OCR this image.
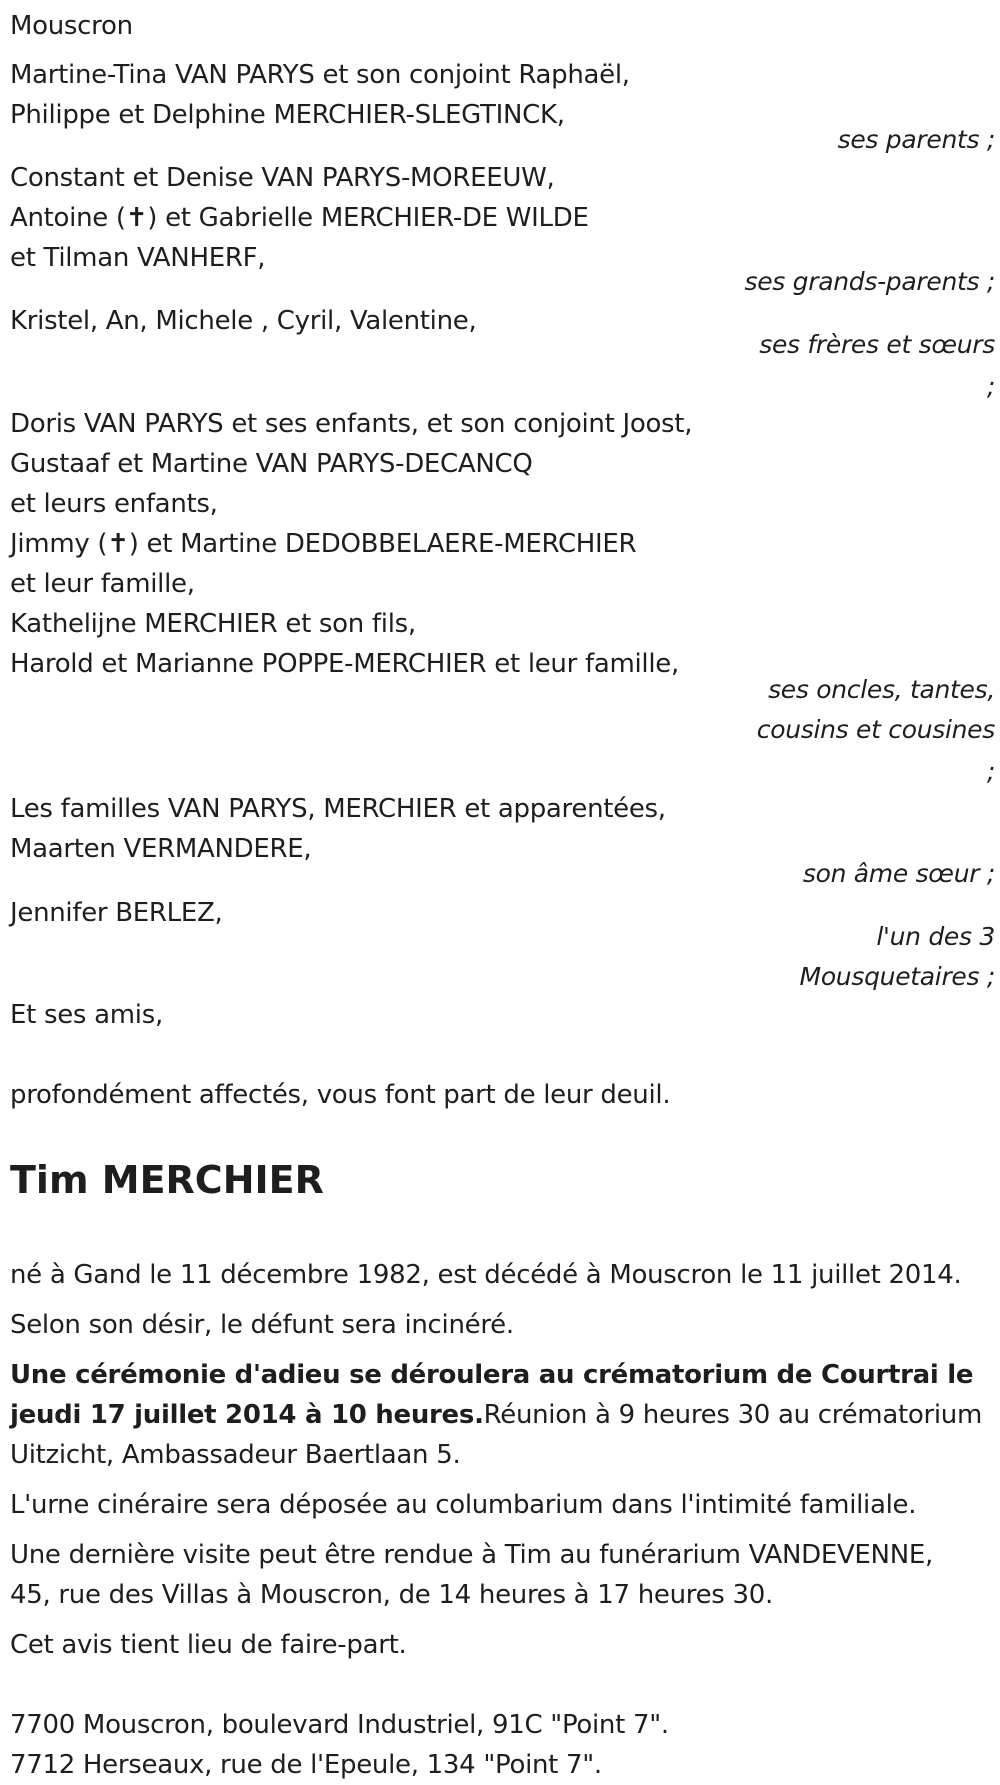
Mouscron
Martine-Tina VAN PARYS et son conjoint Raphaël,
Philippe et Delphine MERCHIER-SLEGTINCK,
ses parents ;
Constant et Denise VAN PARYS-MOREEUW,
Antoine (✝) et Gabrielle MERCHIER-DE WILDE
et Tilman VANHERF,
ses grands-parents ;
Kristel, An, Michele , Cyril, Valentine,
ses frères et sœurs
;
Doris VAN PARYS et ses enfants, et son conjoint Joost,
Gustaaf et Martine VAN PARYS-DECANCQ
et leurs enfants,
Jimmy (✝) et Martine DEDOBBELAERE-MERCHIER
et leur famille,
Kathelijne MERCHIER et son fils,
Harold et Marianne POPPE-MERCHIER et leur famille,
ses oncles, tantes,
cousins et cousines
;
Les familles VAN PARYS, MERCHIER et apparentées,
Maarten VERMANDERE,
son âme sœur ;
Jennifer BERLEZ,
l'un des 3
Mousquetaires ;
Et ses amis,
profondément affectés, vous font part de leur deuil.
Tim MERCHIER
né à Gand le 11 décembre 1982, est décédé à Mouscron le 11 juillet 2014.
Selon son désir, le défunt sera incinéré.
Une cérémonie d'adieu se déroulera au crématorium de Courtrai le
jeudi 17 juillet 2014 à 10 heures.Réunion à 9 heures 30 au crématorium
Uitzicht, Ambassadeur Baertlaan 5.
L'urne cinéraire sera déposée au columbarium dans l'intimité familiale.
Une dernière visite peut être rendue à Tim au funérarium VANDEVENNE,
45, rue des Villas à Mouscron, de 14 heures à 17 heures 30.
Cet avis tient lieu de faire-part.
7700 Mouscron, boulevard Industriel, 91C "Point 7".
7712 Herseaux, rue de l'Epeule, 134 "Point 7".
